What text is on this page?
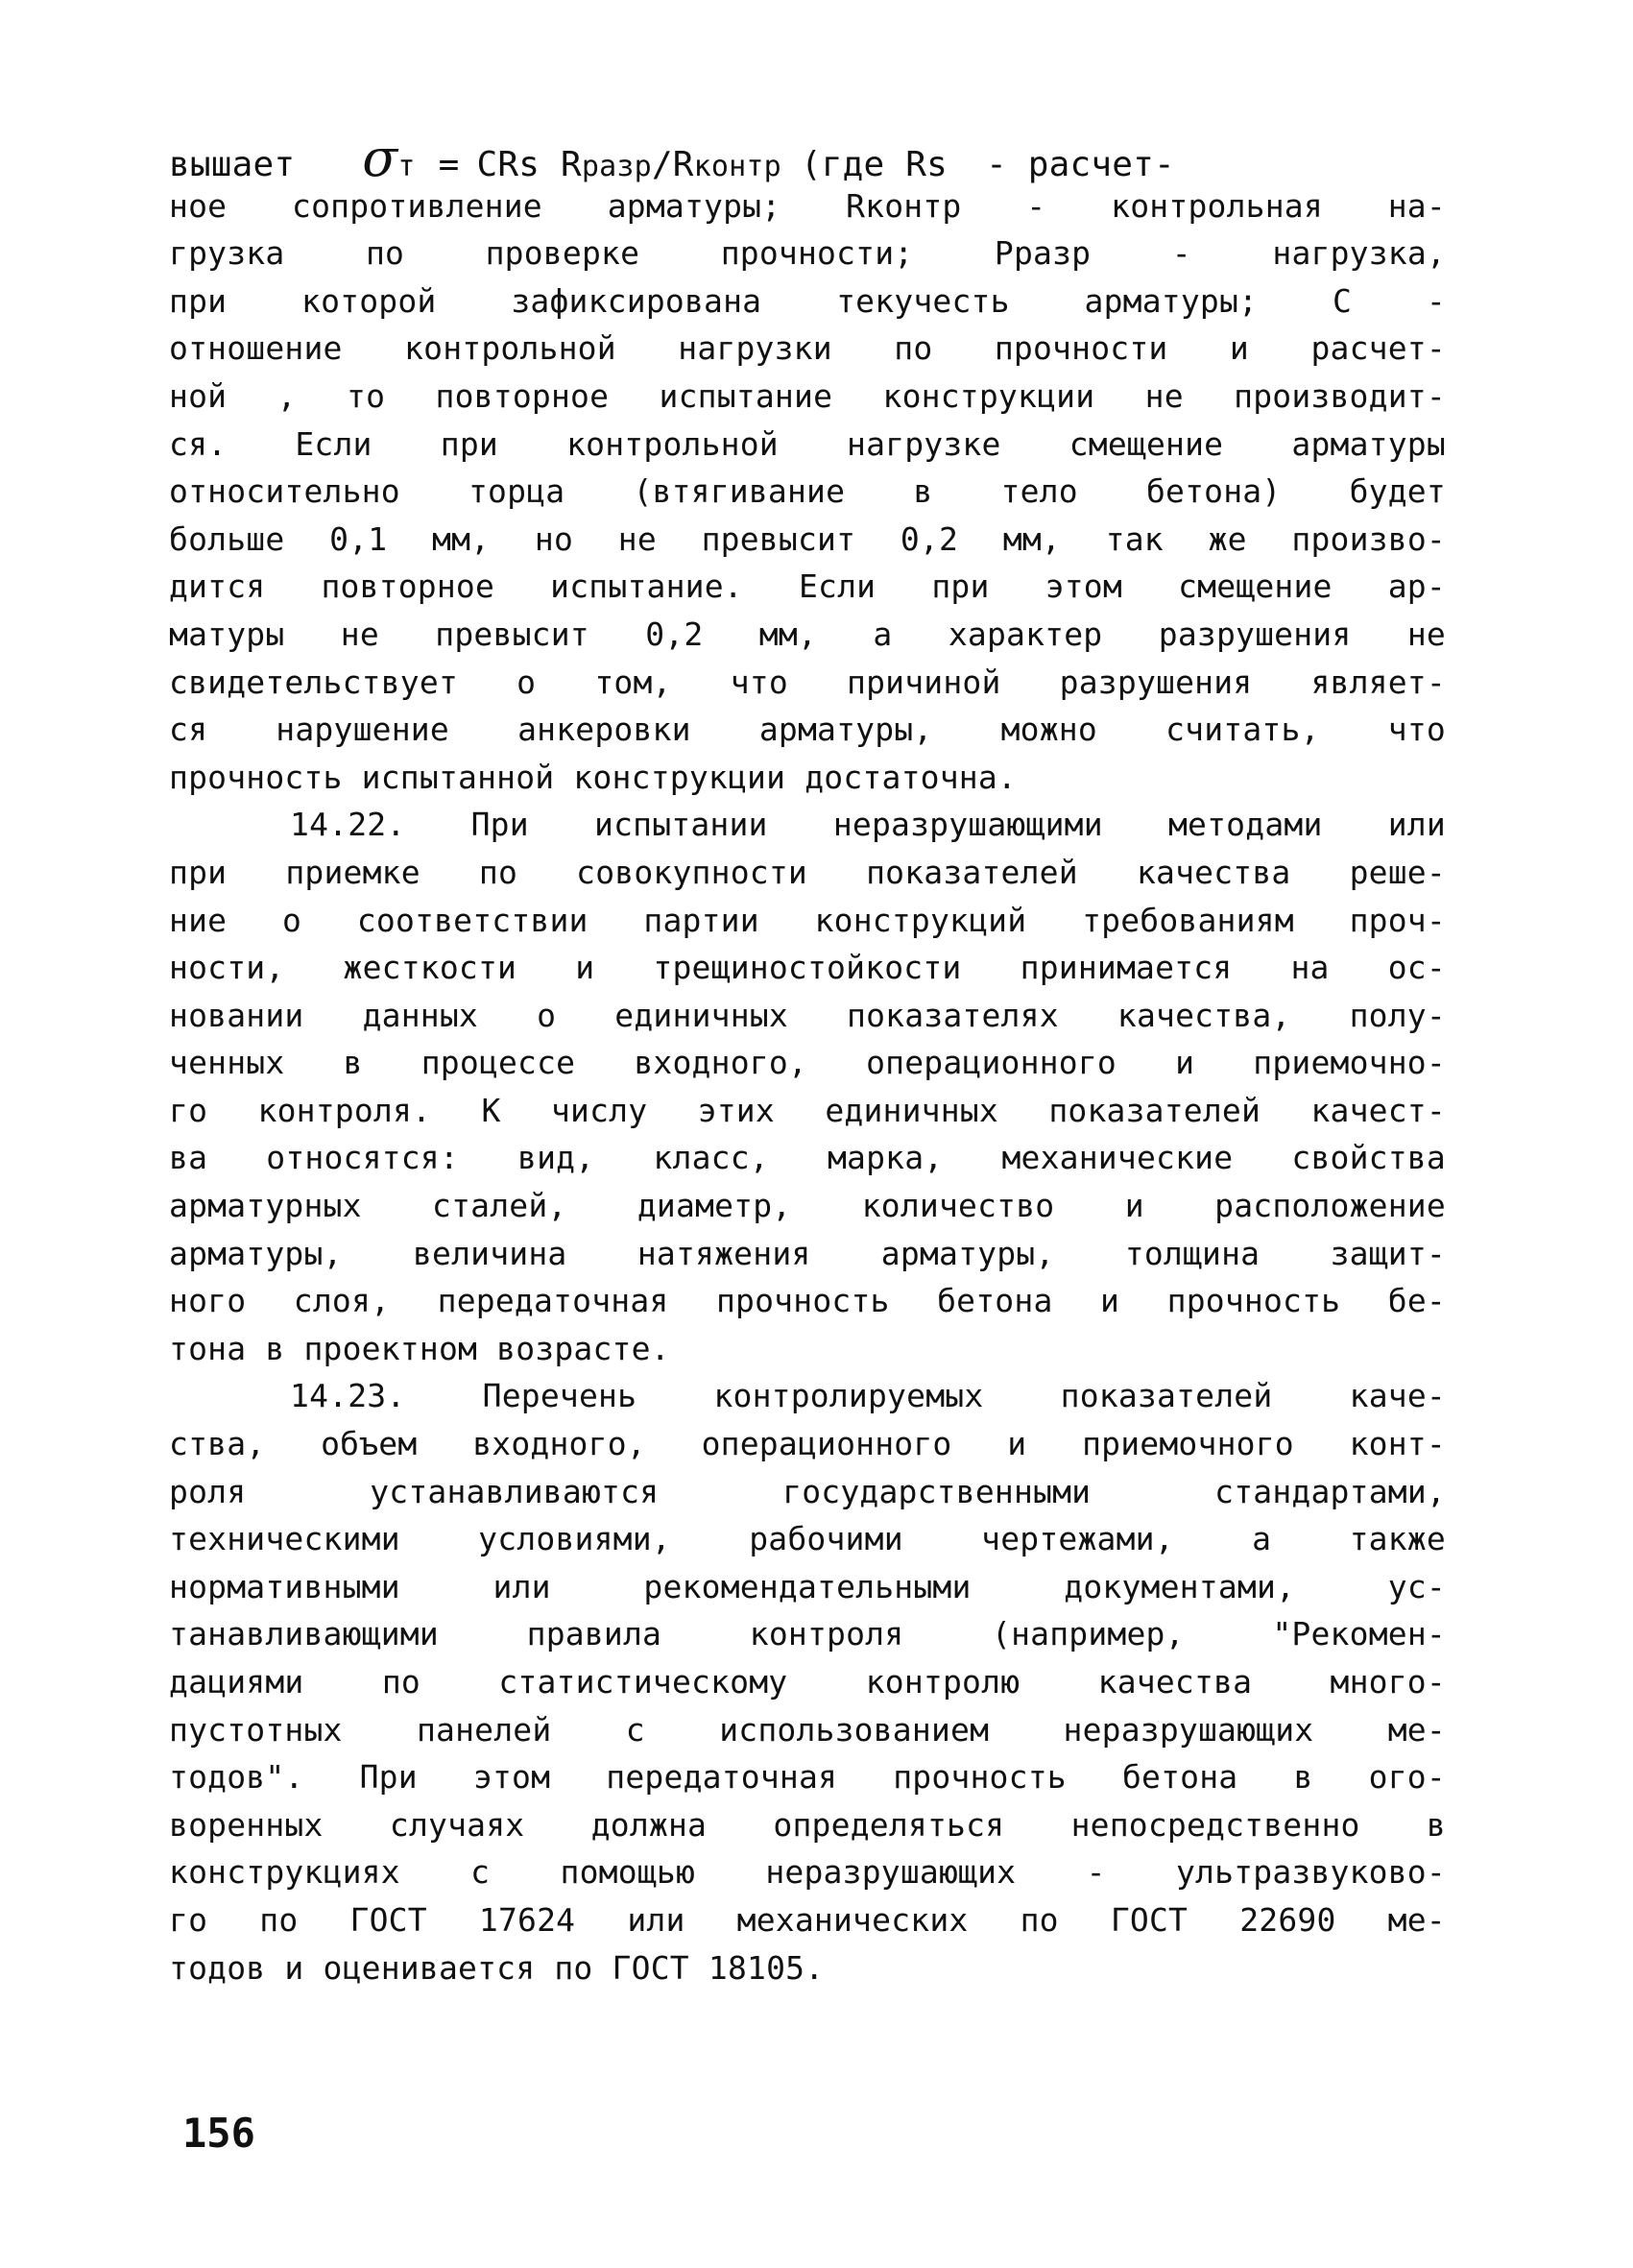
вышает σ т = CRs R разр /R контр (где Rs - расчет-
ное сопротивление арматуры; Rконтр - контрольная на-
грузка	по	проверке	прочности;	Pразр	-	нагрузка,
при которой зафиксирована текучесть арматуры; C -
отношение контрольной нагрузки по прочности и расчет-
ной , то повторное испытание конструкции не производит-
ся. Если при контрольной нагрузке смещение арматуры
относительно торца (втягивание в тело бетона) будет
больше 0,1 мм, но не превысит 0,2 мм, так же произво-
дится повторное испытание. Если при этом смещение ар-
матуры не превысит 0,2 мм, а характер разрушения не
свидетельствует о том, что причиной разрушения являет-
ся нарушение анкеровки арматуры, можно считать, что
прочность испытанной конструкции достаточна.
14.22. При испытании неразрушающими методами или
при приемке по совокупности показателей качества реше-
ние о соответствии партии конструкций требованиям проч-
ности, жесткости и трещиностойкости принимается на ос-
новании данных о единичных показателях качества, полу-
ченных в процессе входного, операционного и приемочно-
го контроля. К числу этих единичных показателей качест-
ва относятся: вид, класс, марка, механические свойства
арматурных сталей, диаметр, количество и расположение
арматуры, величина натяжения арматуры, толщина защит-
ного слоя, передаточная прочность бетона и прочность бе-
тона в проектном возрасте.
14.23. Перечень контролируемых показателей каче-
ства, объем входного, операционного и приемочного конт-
роля	устанавливаются	государственными	стандартами,
техническими условиями, рабочими чертежами, а также
нормативными	или	рекомендательными	документами,	ус-
танавливающими	правила	контроля	(например,	"Рекомен-
дациями по статистическому контролю качества много-
пустотных панелей с использованием неразрушающих ме-
тодов". При этом передаточная прочность бетона в ого-
воренных случаях должна определяться непосредственно в
конструкциях с помощью неразрушающих - ультразвуково-
го по ГОСТ 17624 или механических по ГОСТ 22690 ме-
тодов и оценивается по ГОСТ 18105.
156
